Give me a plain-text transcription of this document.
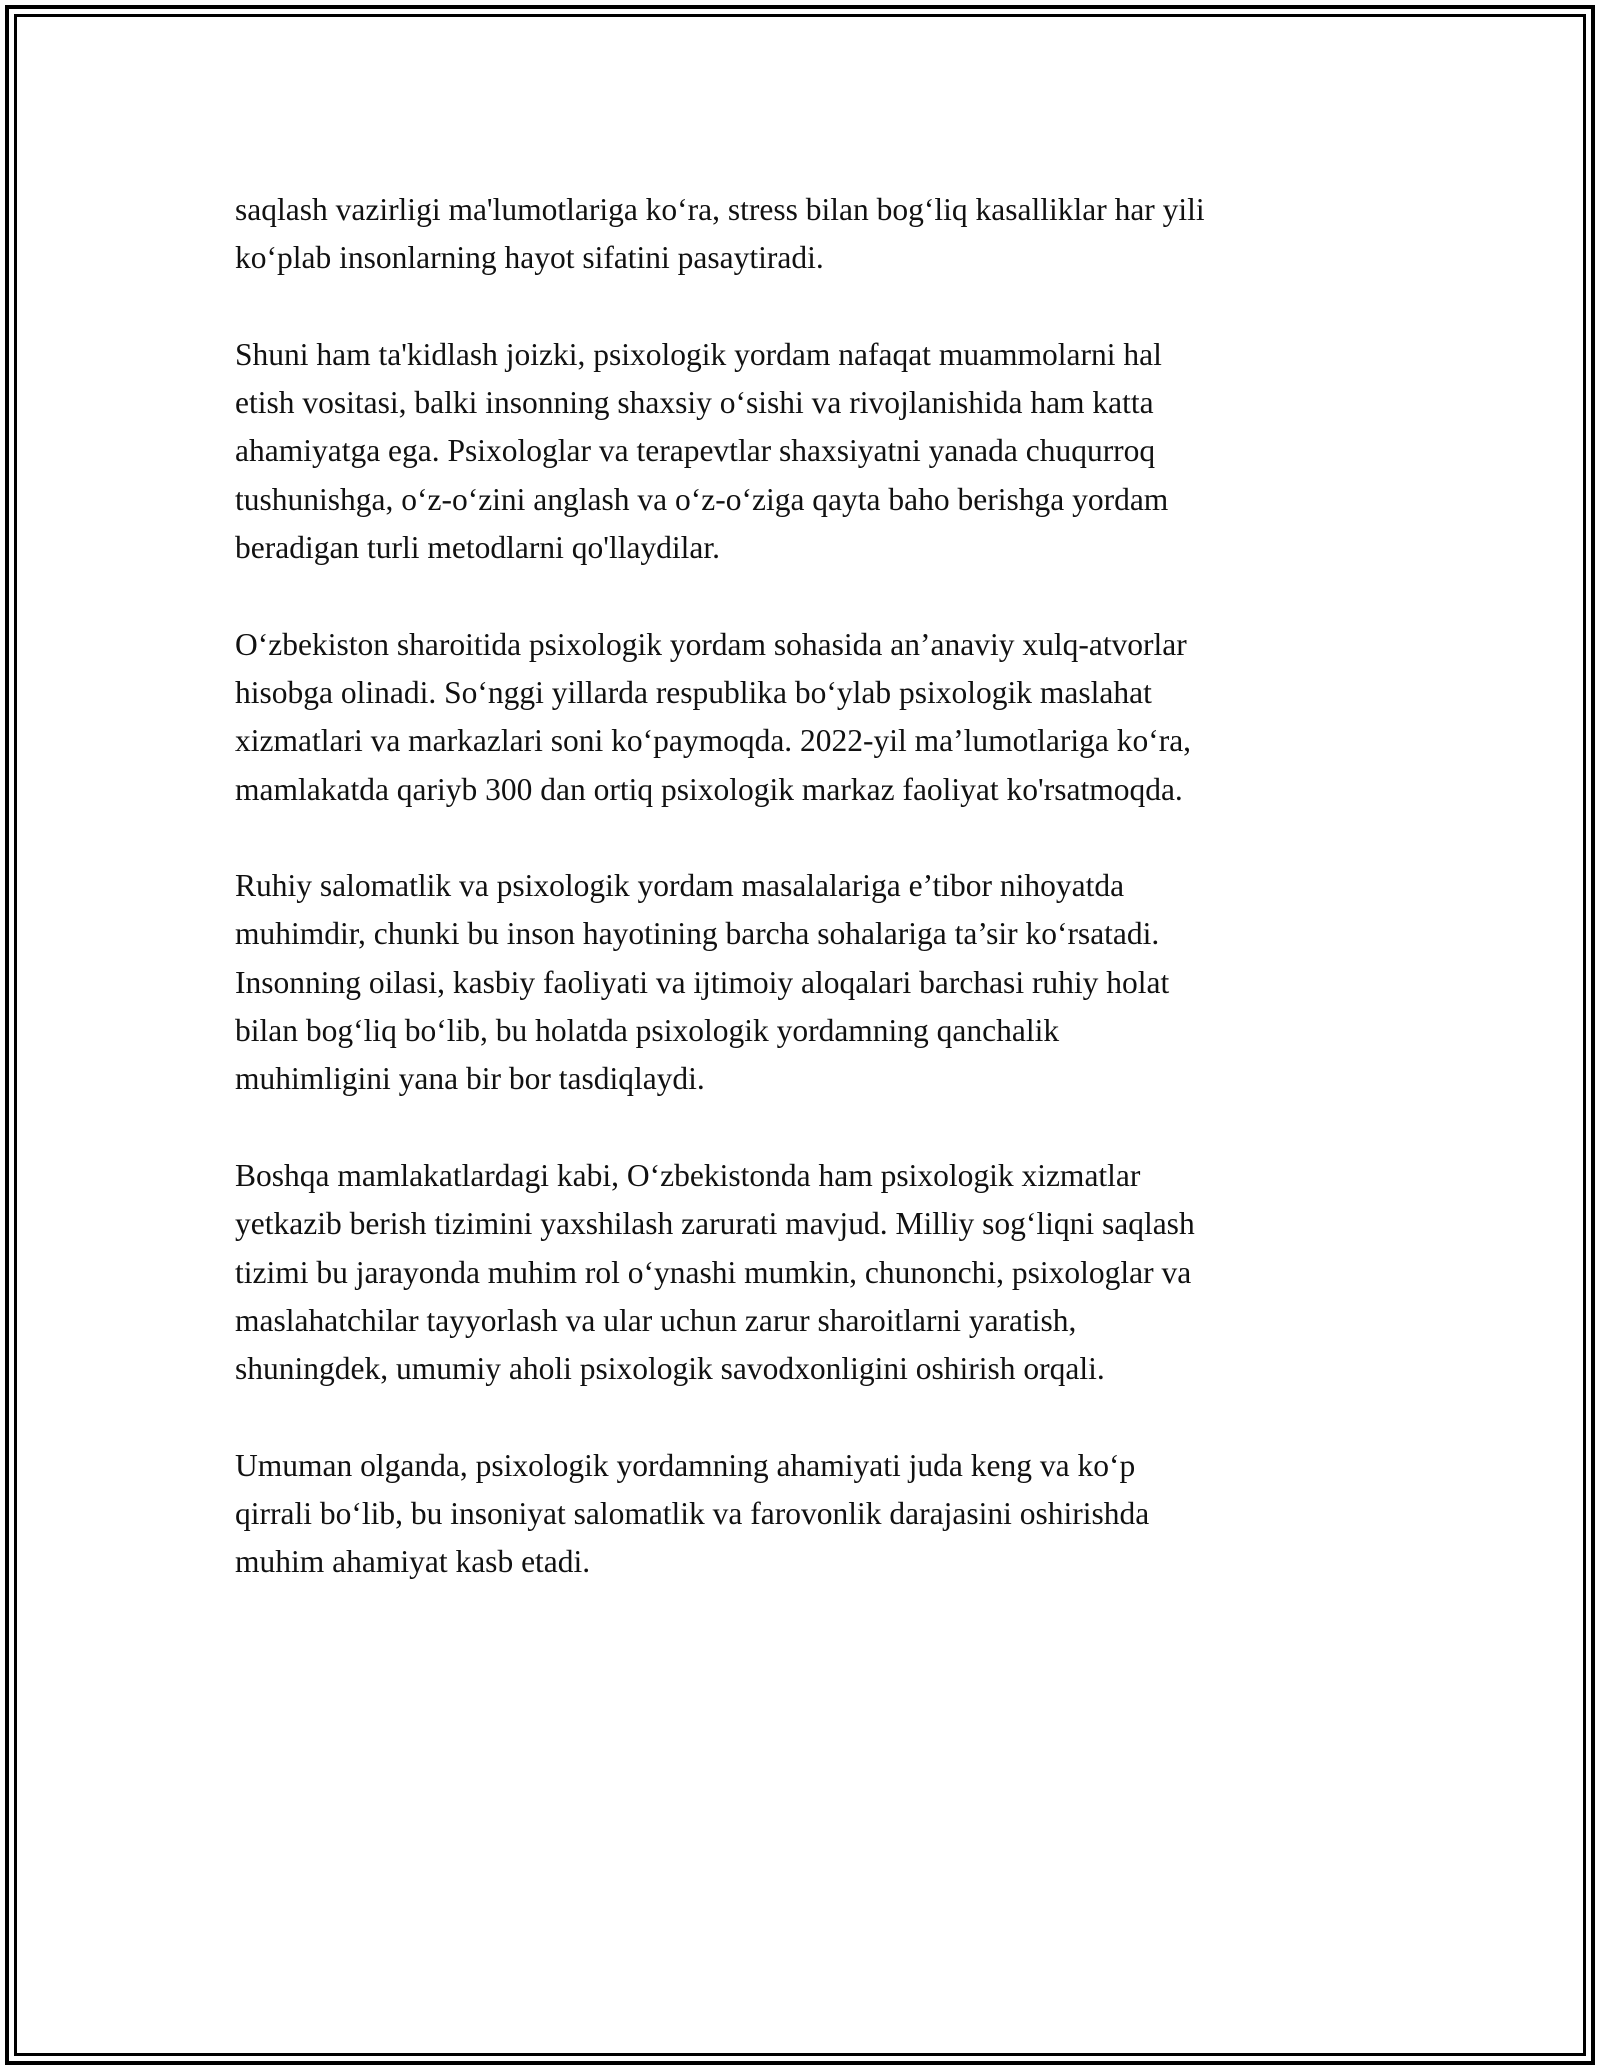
saqlash vazirligi ma'lumotlariga ko‘ra, stress bilan bog‘liq kasalliklar har yili
ko‘plab insonlarning hayot sifatini pasaytiradi.

Shuni ham ta'kidlash joizki, psixologik yordam nafaqat muammolarni hal
etish vositasi, balki insonning shaxsiy o‘sishi va rivojlanishida ham katta
ahamiyatga ega. Psixologlar va terapevtlar shaxsiyatni yanada chuqurroq
tushunishga, o‘z-o‘zini anglash va o‘z-o‘ziga qayta baho berishga yordam
beradigan turli metodlarni qo'llaydilar.

O‘zbekiston sharoitida psixologik yordam sohasida an’anaviy xulq-atvorlar
hisobga olinadi. So‘nggi yillarda respublika bo‘ylab psixologik maslahat
xizmatlari va markazlari soni ko‘paymoqda. 2022-yil ma’lumotlariga ko‘ra,
mamlakatda qariyb 300 dan ortiq psixologik markaz faoliyat ko'rsatmoqda.

Ruhiy salomatlik va psixologik yordam masalalariga e’tibor nihoyatda
muhimdir, chunki bu inson hayotining barcha sohalariga ta’sir ko‘rsatadi.
Insonning oilasi, kasbiy faoliyati va ijtimoiy aloqalari barchasi ruhiy holat
bilan bog‘liq bo‘lib, bu holatda psixologik yordamning qanchalik
muhimligini yana bir bor tasdiqlaydi.

Boshqa mamlakatlardagi kabi, O‘zbekistonda ham psixologik xizmatlar
yetkazib berish tizimini yaxshilash zarurati mavjud. Milliy sog‘liqni saqlash
tizimi bu jarayonda muhim rol o‘ynashi mumkin, chunonchi, psixologlar va
maslahatchilar tayyorlash va ular uchun zarur sharoitlarni yaratish,
shuningdek, umumiy aholi psixologik savodxonligini oshirish orqali.

Umuman olganda, psixologik yordamning ahamiyati juda keng va ko‘p
qirrali bo‘lib, bu insoniyat salomatlik va farovonlik darajasini oshirishda
muhim ahamiyat kasb etadi.
